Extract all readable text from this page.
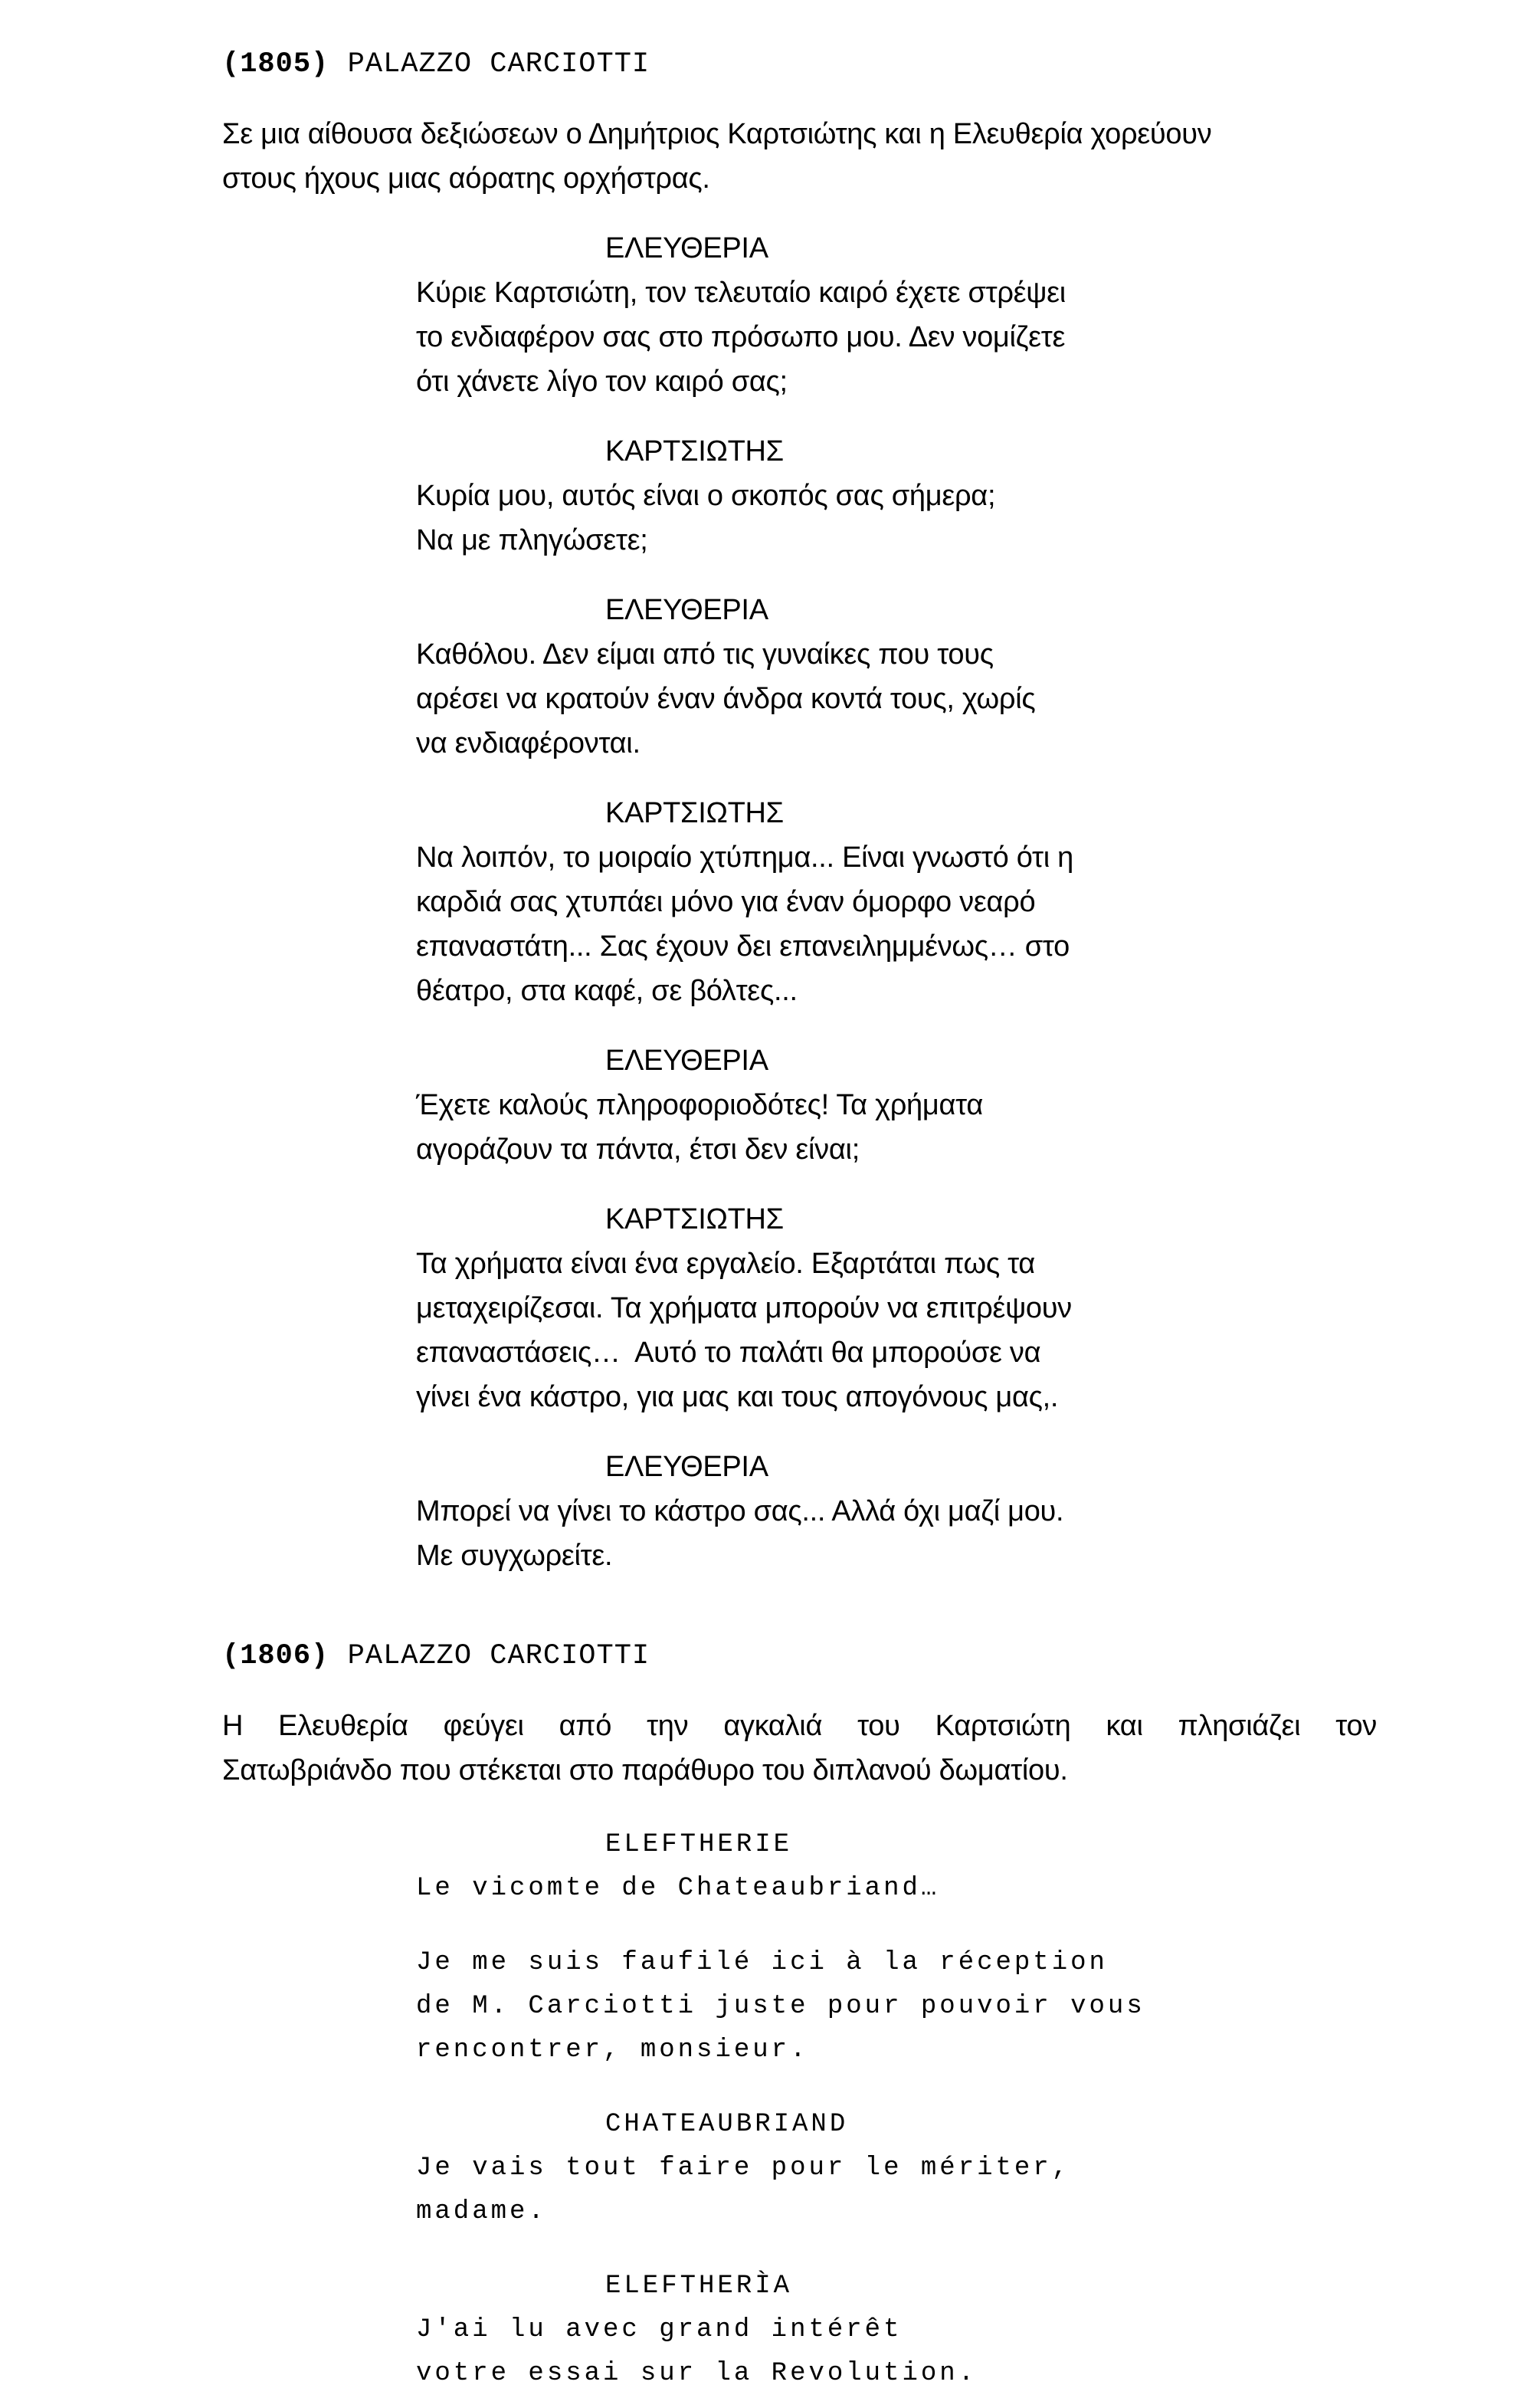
(1805) PALAZZO CARCIOTTI
Σε μια αίθουσα δεξιώσεων ο Δημήτριος Καρτσιώτης και η Ελευθερία χορεύουν
στους ήχους μιας αόρατης ορχήστρας.
ΕΛΕΥΘΕΡΙΑ
Κύριε Καρτσιώτη, τον τελευταίο καιρό έχετε στρέψει
το ενδιαφέρον σας στο πρόσωπο μου. Δεν νομίζετε
ότι χάνετε λίγο τον καιρό σας;
ΚΑΡΤΣΙΩΤΗΣ
Κυρία μου, αυτός είναι ο σκοπός σας σήμερα;
Να με πληγώσετε;
ΕΛΕΥΘΕΡΙΑ
Καθόλου. Δεν είμαι από τις γυναίκες που τους
αρέσει να κρατούν έναν άνδρα κοντά τους, χωρίς
να ενδιαφέρονται.
ΚΑΡΤΣΙΩΤΗΣ
Να λοιπόν, το μοιραίο χτύπημα... Είναι γνωστό ότι η
καρδιά σας χτυπάει μόνο για έναν όμορφο νεαρό
επαναστάτη... Σας έχουν δει επανειλημμένως… στο
θέατρο, στα καφέ, σε βόλτες...
ΕΛΕΥΘΕΡΙΑ
Έχετε καλούς πληροφοριοδότες! Τα χρήματα
αγοράζουν τα πάντα, έτσι δεν είναι;
ΚΑΡΤΣΙΩΤΗΣ
Τα χρήματα είναι ένα εργαλείο. Εξαρτάται πως τα
μεταχειρίζεσαι. Τα χρήματα μπορούν να επιτρέψουν
επαναστάσεις…  Αυτό το παλάτι θα μπορούσε να
γίνει ένα κάστρο, για μας και τους απογόνους μας,.
ΕΛΕΥΘΕΡΙΑ
Μπορεί να γίνει το κάστρο σας... Αλλά όχι μαζί μου.
Με συγχωρείτε.
(1806) PALAZZO CARCIOTTI
Η Ελευθερία φεύγει από την αγκαλιά του Καρτσιώτη και πλησιάζει τον
Σατωβριάνδο που στέκεται στο παράθυρο του διπλανού δωματίου.
ELEFTHERIE
Le vicomte de Chateaubriand…
Je me suis faufilé ici à la réception
de M. Carciotti juste pour pouvoir vous
rencontrer, monsieur.
CHATEAUBRIAND
Je vais tout faire pour le mériter,
madame.
ELEFTHERÌA
J'ai lu avec grand intérêt
votre essai sur la Revolution.
